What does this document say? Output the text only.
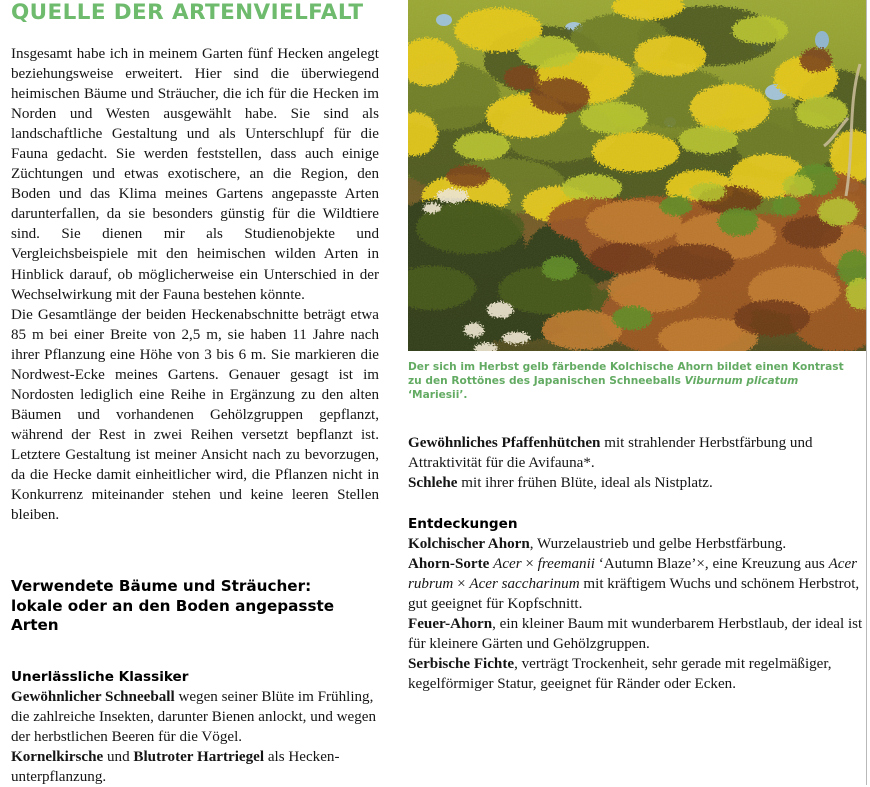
QUELLE DER ARTENVIELFALT

Insgesamt habe ich in meinem Garten fünf Hecken angelegt beziehungsweise erweitert. Hier sind die überwiegend heimischen Bäume und Sträucher, die ich für die Hecken im Norden und Westen ausgewählt habe. Sie sind als landschaftliche Gestaltung und als Unterschlupf für die Fauna gedacht. Sie werden feststellen, dass auch einige Züchtungen und etwas exotischere, an die Region, den Boden und das Klima meines Gartens angepasste Arten darunterfallen, da sie besonders günstig für die Wildtiere sind. Sie dienen mir als Studienobjekte und Vergleichsbeispiele mit den heimischen wilden Arten in Hinblick darauf, ob möglicherweise ein Unterschied in der Wechselwirkung mit der Fauna bestehen könnte.

Die Gesamtlänge der beiden Heckenabschnitte beträgt etwa 85 m bei einer Breite von 2,5 m, sie haben 11 Jahre nach ihrer Pflanzung eine Höhe von 3 bis 6 m. Sie markieren die Nordwest-Ecke meines Gartens. Genauer gesagt ist im Nordosten lediglich eine Reihe in Ergänzung zu den alten Bäumen und vorhandenen Gehölzgruppen gepflanzt, während der Rest in zwei Reihen versetzt bepflanzt ist. Letztere Gestaltung ist meiner Ansicht nach zu bevorzugen, da die Hecke damit einheitlicher wird, die Pflanzen nicht in Konkurrenz miteinander stehen und keine leeren Stellen bleiben.

Verwendete Bäume und Sträucher:
lokale oder an den Boden angepasste Arten
Unerlässliche Klassiker

Gewöhnlicher Schneeball wegen seiner Blüte im Frühling, die zahlreiche Insekten, darunter Bienen anlockt, und wegen der herbstlichen Beeren für die Vögel.

Kornelkirsche und Blutroter Hartriegel als Heckenunterpflanzung.

Der sich im Herbst gelb färbende Kolchische Ahorn bildet einen Kontrast zu den Rottönes des Japanischen Schneeballs Viburnum plicatum ‘Mariesii’.

Gewöhnliches Pfaffenhütchen mit strahlender Herbstfärbung und Attraktivität für die Avifauna*.

Schlehe mit ihrer frühen Blüte, ideal als Nistplatz.

Entdeckungen

Kolchischer Ahorn, Wurzelaustrieb und gelbe Herbstfärbung.

Ahorn-Sorte Acer × freemanii ‘Autumn Blaze’×, eine Kreuzung aus Acer rubrum × Acer saccharinum mit kräftigem Wuchs und schönem Herbstrot, gut geeignet für Kopfschnitt.

Feuer-Ahorn, ein kleiner Baum mit wunderbarem Herbstlaub, der ideal ist für kleinere Gärten und Gehölzgruppen.

Serbische Fichte, verträgt Trockenheit, sehr gerade mit regelmäßiger, kegelförmiger Statur, geeignet für Ränder oder Ecken.
